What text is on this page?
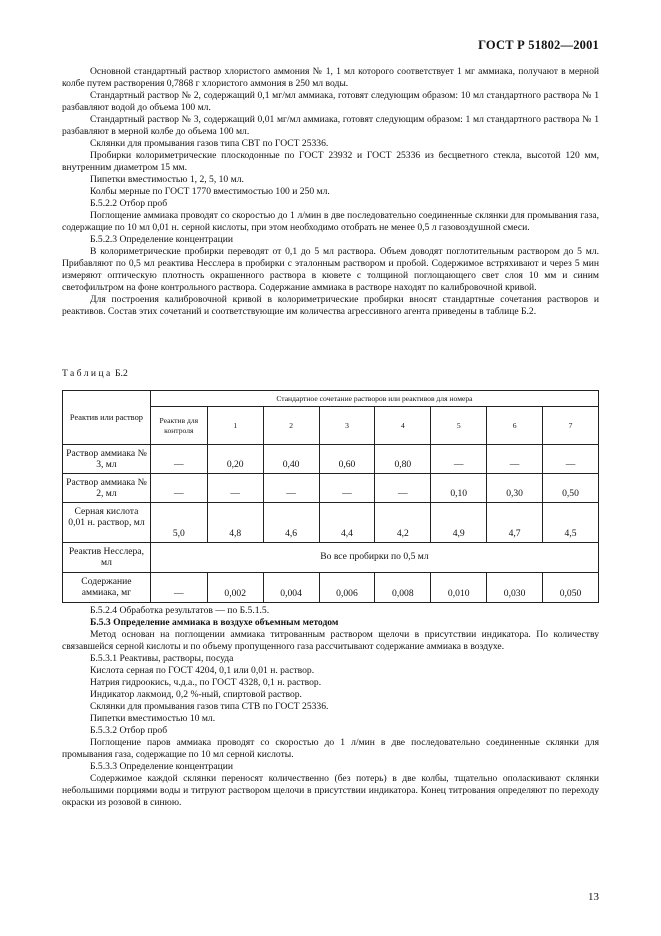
ГОСТ Р 51802—2001

Основной стандартный раствор хлористого аммония № 1, 1 мл которого соответствует 1 мг аммиака, получают в мерной колбе путем растворения 0,7868 г хлористого аммония в 250 мл воды.

Стандартный раствор № 2, содержащий 0,1 мг/мл аммиака, готовят следующим образом: 10 мл стандартного раствора № 1 разбавляют водой до объема 100 мл.

Стандартный раствор № 3, содержащий 0,01 мг/мл аммиака, готовят следующим образом: 1 мл стандартного раствора № 1 разбавляют в мерной колбе до объема 100 мл.

Склянки для промывания газов типа СВТ по ГОСТ 25336.

Пробирки колориметрические плоскодонные по ГОСТ 23932 и ГОСТ 25336 из бесцветного стекла, высотой 120 мм, внутренним диаметром 15 мм.

Пипетки вместимостью 1, 2, 5, 10 мл.

Колбы мерные по ГОСТ 1770 вместимостью 100 и 250 мл.

Б.5.2.2 Отбор проб

Поглощение аммиака проводят со скоростью до 1 л/мин в две последовательно соединенные склянки для промывания газа, содержащие по 10 мл 0,01 н. серной кислоты, при этом необходимо отобрать не менее 0,5 л газовоздушной смеси.

Б.5.2.3 Определение концентрации

В колориметрические пробирки переводят от 0,1 до 5 мл раствора. Объем доводят поглотительным раствором до 5 мл. Прибавляют по 0,5 мл реактива Несслера в пробирки с эталонным раствором и пробой. Содержимое встряхивают и через 5 мин измеряют оптическую плотность окрашенного раствора в кювете с толщиной поглощающего свет слоя 10 мм и синим светофильтром на фоне контрольного раствора. Содержание аммиака в растворе находят по калибровочной кривой.

Для построения калибровочной кривой в колориметрические пробирки вносят стандартные сочетания растворов и реактивов. Состав этих сочетаний и соответствующие им количества агрессивного агента приведены в таблице Б.2.

Таблица Б.2
Реактив или раствор	Стандартное сочетание растворов или реактивов для номера							
	Реактив для контроля	1	2	3	4	5	6	7
Раствор аммиака № 3, мл	—	0,20	0,40	0,60	0,80	—	—	—
Раствор аммиака № 2, мл	—	—	—	—	—	0,10	0,30	0,50
Серная кислота 0,01 н. раствор, мл	5,0	4,8	4,6	4,4	4,2	4,9	4,7	4,5
Реактив Несслера, мл	Во все пробирки по 0,5 мл							
Содержание аммиака, мг	—	0,002	0,004	0,006	0,008	0,010	0,030	0,050

Б.5.2.4 Обработка результатов — по Б.5.1.5.

Б.5.3 Определение аммиака в воздухе объемным методом

Метод основан на поглощении аммиака титрованным раствором щелочи в присутствии индикатора. По количеству связавшейся серной кислоты и по объему пропущенного газа рассчитывают содержание аммиака в воздухе.

Б.5.3.1 Реактивы, растворы, посуда

Кислота серная по ГОСТ 4204, 0,1 или 0,01 н. раствор.

Натрия гидроокись, ч.д.а., по ГОСТ 4328, 0,1 н. раствор.

Индикатор лакмоид, 0,2 %-ный, спиртовой раствор.

Склянки для промывания газов типа СТВ по ГОСТ 25336.

Пипетки вместимостью 10 мл.

Б.5.3.2 Отбор проб

Поглощение паров аммиака проводят со скоростью до 1 л/мин в две последовательно соединенные склянки для промывания газа, содержащие по 10 мл серной кислоты.

Б.5.3.3 Определение концентрации

Содержимое каждой склянки переносят количественно (без потерь) в две колбы, тщательно ополаскивают склянки небольшими порциями воды и титруют раствором щелочи в присутствии индикатора. Конец титрования определяют по переходу окраски из розовой в синюю.

13
